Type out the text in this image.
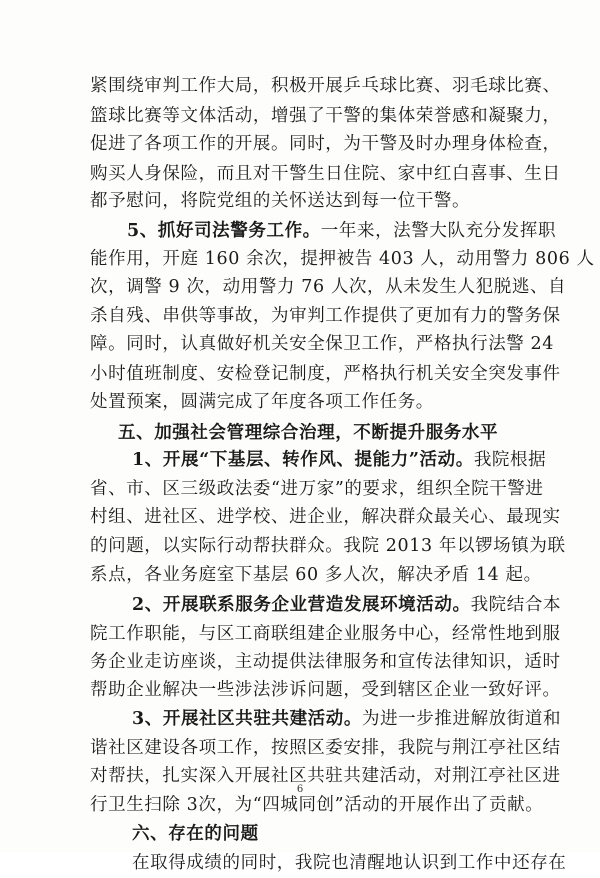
紧围绕审判工作大局，积极开展乒乓球比赛、羽毛球比赛、
篮球比赛等文体活动，增强了干警的集体荣誉感和凝聚力，
促进了各项工作的开展。同时，为干警及时办理身体检查，
购买人身保险，而且对干警生日住院、家中红白喜事、生日
都予慰问，将院党组的关怀送达到每一位干警。
5、抓好司法警务工作。一年来，法警大队充分发挥职
能作用，开庭 160 余次，提押被告 403 人，动用警力 806 人
次，调警 9 次，动用警力 76 人次，从未发生人犯脱逃、自
杀自残、串供等事故，为审判工作提供了更加有力的警务保
障。同时，认真做好机关安全保卫工作，严格执行法警 24
小时值班制度、安检登记制度，严格执行机关安全突发事件
处置预案，圆满完成了年度各项工作任务。
五、加强社会管理综合治理，不断提升服务水平
1、开展“下基层、转作风、提能力”活动。我院根据
省、市、区三级政法委“进万家”的要求，组织全院干警进
村组、进社区、进学校、进企业，解决群众最关心、最现实
的问题，以实际行动帮扶群众。我院 2013 年以锣场镇为联
系点，各业务庭室下基层 60 多人次，解决矛盾 14 起。
2、开展联系服务企业营造发展环境活动。我院结合本
院工作职能，与区工商联组建企业服务中心，经常性地到服
务企业走访座谈，主动提供法律服务和宣传法律知识，适时
帮助企业解决一些涉法涉诉问题，受到辖区企业一致好评。
3、开展社区共驻共建活动。为进一步推进解放街道和
谐社区建设各项工作，按照区委安排，我院与荆江亭社区结
对帮扶，扎实深入开展社区共驻共建活动，对荆江亭社区进
行卫生扫除 3次，为“四城同创”活动的开展作出了贡献。
六、存在的问题
在取得成绩的同时，我院也清醒地认识到工作中还存在
6
